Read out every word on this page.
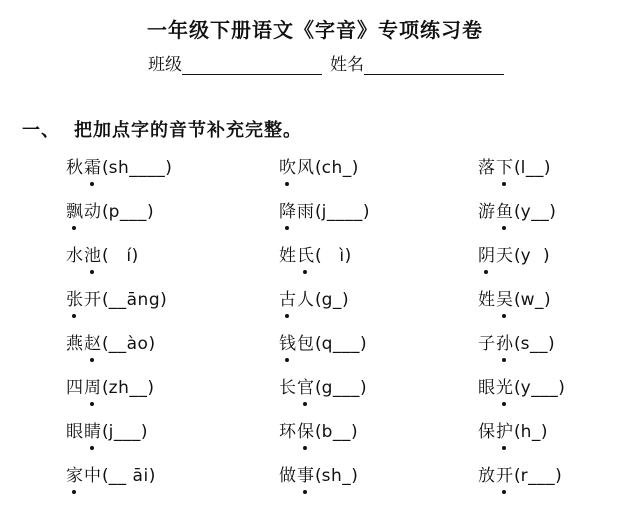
一年级下册语文《字音》专项练习卷
班级	姓名
一、 把加点字的音节补充完整。
秋霜(sh____)	吹风(ch_)	落下(l__)
飘动(p___)	降雨(j____)	游鱼(y__)
水池(   í)	姓氏(   ì)	阴天(y  )
张开(__āng)	古人(g_)	姓吴(w_)
燕赵(__ào)	钱包(q___)	子孙(s__)
四周(zh__)	长官(g___)	眼光(y___)
眼睛(j___)	环保(b__)	保护(h_)
家中(__ āi)	做事(sh_)	放开(r___)
